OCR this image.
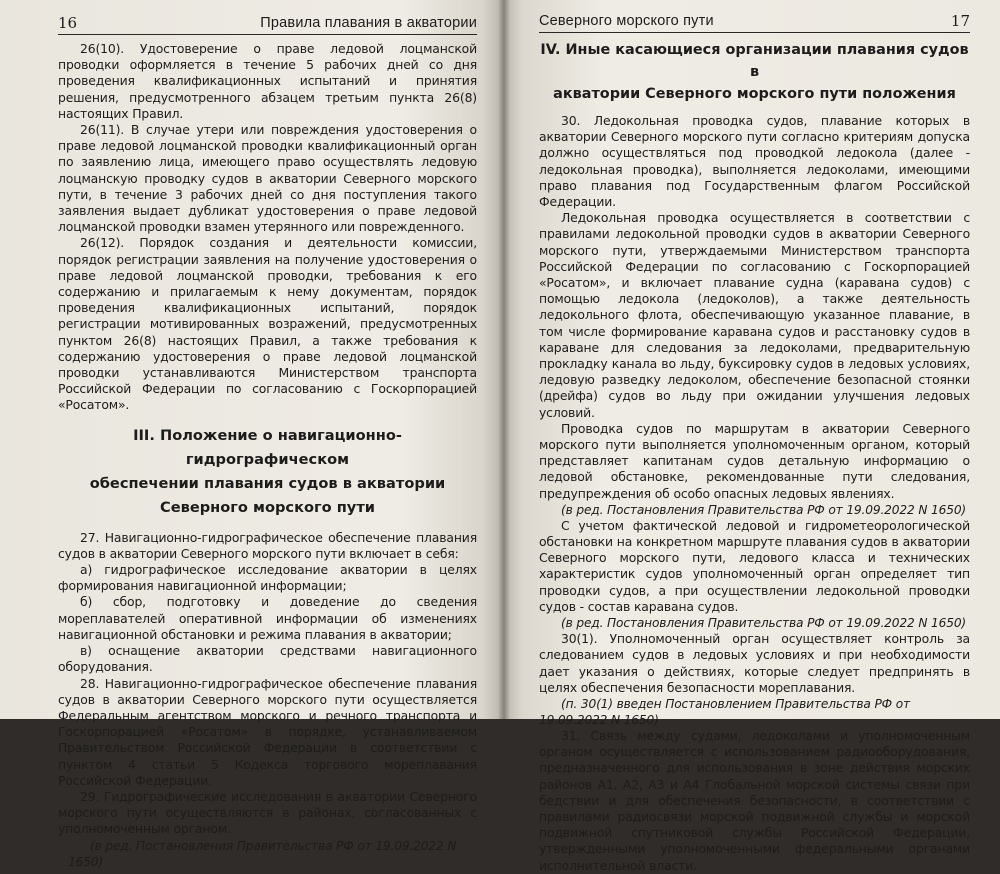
16	Правила плавания в акватории

26(10). Удостоверение о праве ледовой лоцманской проводки оформляется в течение 5 рабочих дней со дня проведения квалификационных испытаний и принятия решения, предусмотренного абзацем третьим пункта 26(8) настоящих Правил.

26(11). В случае утери или повреждения удостоверения о праве ледовой лоцманской проводки квалификационный орган по заявлению лица, имеющего право осуществлять ледовую лоцманскую проводку судов в акватории Северного морского пути, в течение 3 рабочих дней со дня поступления такого заявления выдает дубликат удостоверения о праве ледовой лоцманской проводки взамен утерянного или поврежденного.

26(12). Порядок создания и деятельности комиссии, порядок регистрации заявления на получение удостоверения о праве ледовой лоцманской проводки, требования к его содержанию и прилагаемым к нему документам, порядок проведения квалификационных испытаний, порядок регистрации мотивированных возражений, предусмотренных пунктом 26(8) настоящих Правил, а также требования к содержанию удостоверения о праве ледовой лоцманской проводки устанавливаются Министерством транспорта Российской Федерации по согласованию с Госкорпорацией «Росатом».

III. Положение о навигационно-гидрографическом
обеспечении плавания судов в акватории
Северного морского пути

27. Навигационно-гидрографическое обеспечение плавания судов в акватории Северного морского пути включает в себя:

а) гидрографическое исследование акватории в целях формирования навигационной информации;

б) сбор, подготовку и доведение до сведения мореплавателей оперативной информации об изменениях навигационной обстановки и режима плавания в акватории;

в) оснащение акватории средствами навигационного оборудования.

28. Навигационно-гидрографическое обеспечение плавания судов в акватории Северного морского пути осуществляется Федеральным агентством морского и речного транспорта и Госкорпорацией «Росатом» в порядке, устанавливаемом Правительством Российской Федерации в соответствии с пунктом 4 статьи 5 Кодекса торгового мореплавания Российской Федерации.

29. Гидрографические исследования в акватории Северного морского пути осуществляются в районах, согласованных с уполномоченным органом.

(в ред. Постановления Правительства РФ от 19.09.2022 N 1650)

Северного морского пути	17
IV. Иные касающиеся организации плавания судов в
акватории Северного морского пути положения

30. Ледокольная проводка судов, плавание которых в акватории Северного морского пути согласно критериям допуска должно осуществляться под проводкой ледокола (далее - ледокольная проводка), выполняется ледоколами, имеющими право плавания под Государственным флагом Российской Федерации.

Ледокольная проводка осуществляется в соответствии с правилами ледокольной проводки судов в акватории Северного морского пути, утверждаемыми Министерством транспорта Российской Федерации по согласованию с Госкорпорацией «Росатом», и включает плавание судна (каравана судов) с помощью ледокола (ледоколов), а также деятельность ледокольного флота, обеспечивающую указанное плавание, в том числе формирование каравана судов и расстановку судов в караване для следования за ледоколами, предварительную прокладку канала во льду, буксировку судов в ледовых условиях, ледовую разведку ледоколом, обеспечение безопасной стоянки (дрейфа) судов во льду при ожидании улучшения ледовых условий.

Проводка судов по маршрутам в акватории Северного морского пути выполняется уполномоченным органом, который представляет капитанам судов детальную информацию о ледовой обстановке, рекомендованные пути следования, предупреждения об особо опасных ледовых явлениях.

(в ред. Постановления Правительства РФ от 19.09.2022 N 1650)

С учетом фактической ледовой и гидрометеорологической обстановки на конкретном маршруте плавания судов в акватории Северного морского пути, ледового класса и технических характеристик судов уполномоченный орган определяет тип проводки судов, а при осуществлении ледокольной проводки судов - состав каравана судов.

(в ред. Постановления Правительства РФ от 19.09.2022 N 1650)

30(1). Уполномоченный орган осуществляет контроль за следованием судов в ледовых условиях и при необходимости дает указания о действиях, которые следует предпринять в целях обеспечения безопасности мореплавания.

(п. 30(1) введен Постановлением Правительства РФ от 19.09.2022 N 1650)

31. Связь между судами, ледоколами и уполномоченным органом осуществляется с использованием радиооборудования, предназначенного для использования в зоне действия морских районов A1, A2, A3 и A4 Глобальной морской системы связи при бедствии и для обеспечения безопасности, в соответствии с правилами радиосвязи морской подвижной службы и морской подвижной спутниковой службы Российской Федерации, утвержденными уполномоченными федеральными органами исполнительной власти.
